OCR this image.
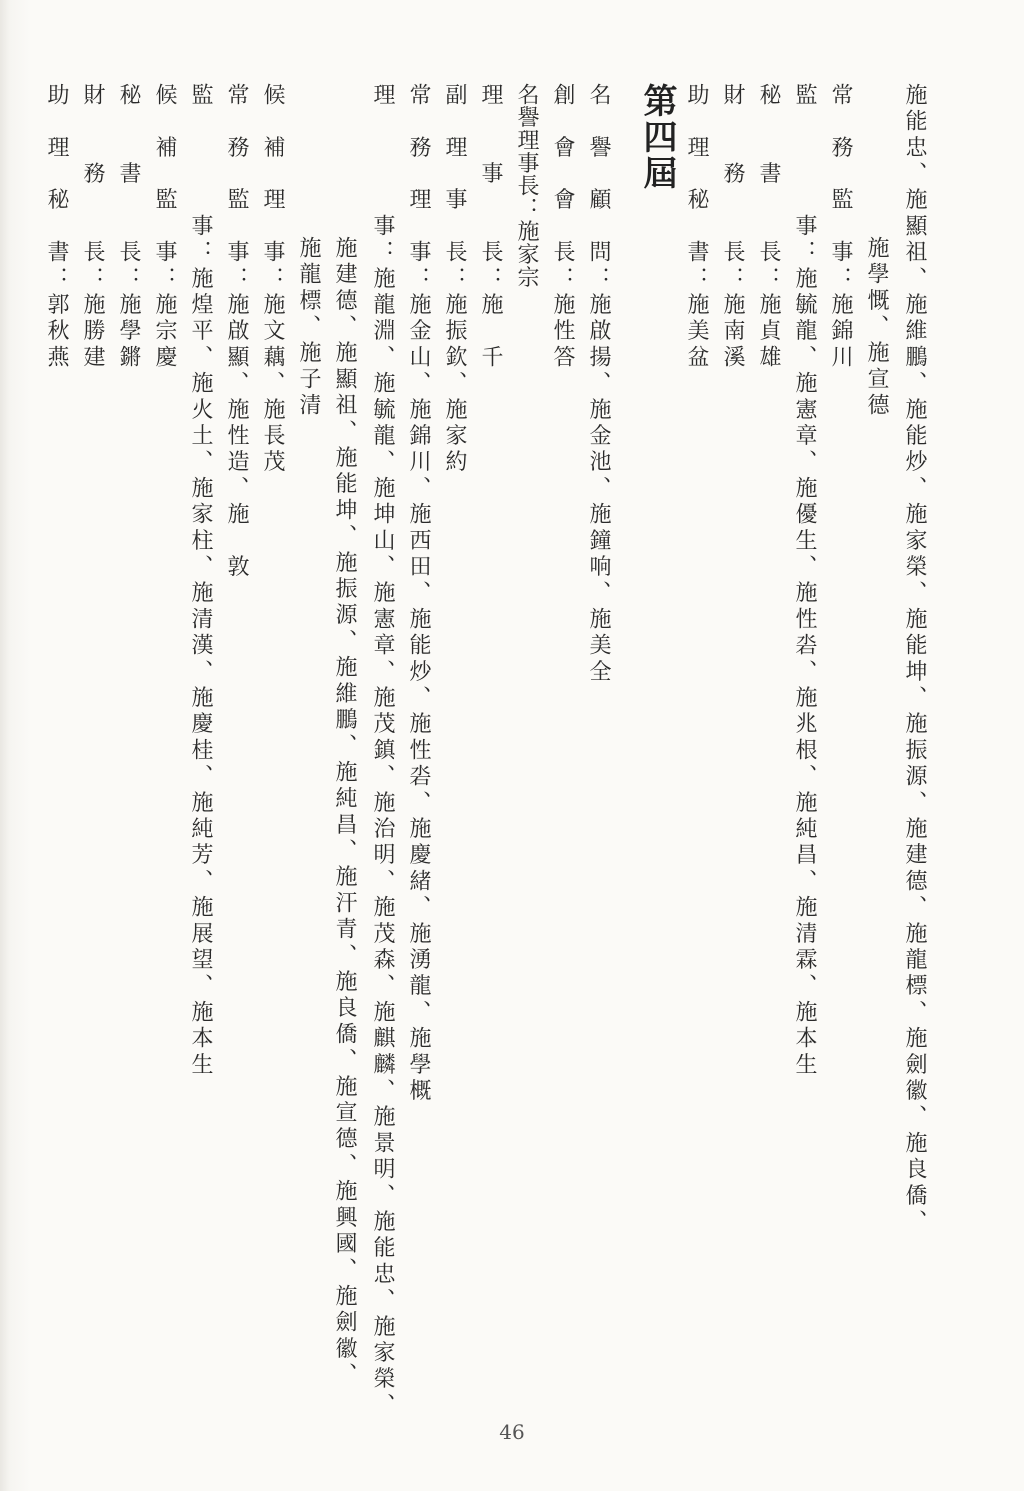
施能忠、施顯祖、施維鵬、施能炒、施家榮、施能坤、施振源、施建德、施龍標、施劍徽、施良僑、
施學慨、施宣德
常　務　監　事：施錦川
監　　　　事：施毓龍、施憲章、施優生、施性沯、施兆根、施純昌、施清霖、施本生
秘　　書　　長：施貞雄
財　　務　　長：施南溪
助　理　秘　書：施美盆
第四屆
名　譽　顧　問：施啟揚、施金池、施鐘响、施美全
創　會　會　長：施性答
名譽理事長：施家宗
理　　事　　長：施　千
副　理　事　長：施振欽、施家約
常　務　理　事：施金山、施錦川、施西田、施能炒、施性沯、施慶緒、施湧龍、施學概
理　　　　事：施龍淵、施毓龍、施坤山、施憲章、施茂鎮、施治明、施茂森、施麒麟、施景明、施能忠、施家榮、
施建德、施顯祖、施能坤、施振源、施維鵬、施純昌、施汗青、施良僑、施宣德、施興國、施劍徽、
施龍標、施子清
候　補　理　事：施文藕、施長茂
常　務　監　事：施啟顯、施性造、施　敦
監　　　　事：施煌平、施火土、施家柱、施清漢、施慶桂、施純芳、施展望、施本生
候　補　監　事：施宗慶
秘　　書　　長：施學鏘
財　　務　　長：施勝建
助　理　秘　書：郭秋燕
46
